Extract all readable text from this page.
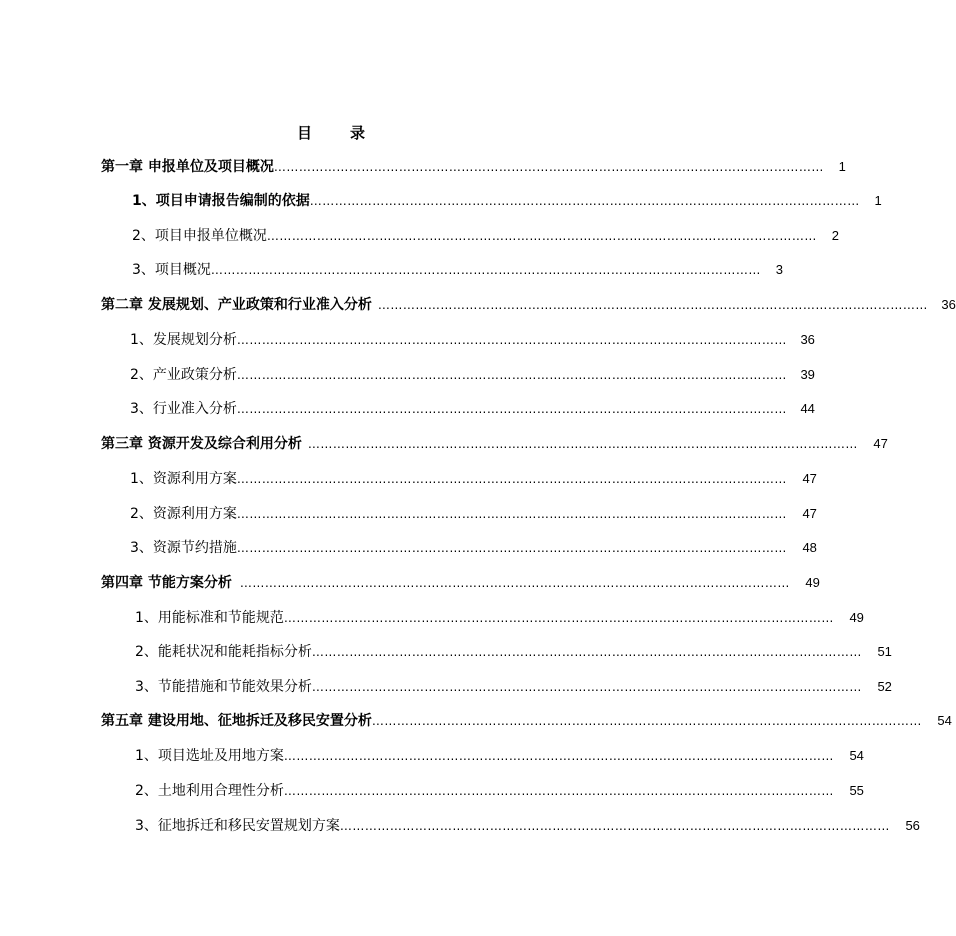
目	录
第一章 申报单位及项目概况 ……………………………………………………………………………………………………………………	1
1、项目申请报告编制的依据 ……………………………………………………………………………………………………………………	1
2、项目申报单位概况 ……………………………………………………………………………………………………………………	2
3、项目概况 ……………………………………………………………………………………………………………………	3
第二章 发展规划、产业政策和行业准入分析 ……………………………………………………………………………………………………………………	36
1、发展规划分析 ……………………………………………………………………………………………………………………	36
2、产业政策分析 ……………………………………………………………………………………………………………………	39
3、行业准入分析 ……………………………………………………………………………………………………………………	44
第三章 资源开发及综合利用分析 ……………………………………………………………………………………………………………………	47
1、资源利用方案 ……………………………………………………………………………………………………………………	47
2、资源利用方案 ……………………………………………………………………………………………………………………	47
3、资源节约措施 ……………………………………………………………………………………………………………………	48
第四章 节能方案分析 ……………………………………………………………………………………………………………………	49
1、用能标准和节能规范 ……………………………………………………………………………………………………………………	49
2、能耗状况和能耗指标分析 ……………………………………………………………………………………………………………………	51
3、节能措施和节能效果分析 ……………………………………………………………………………………………………………………	52
第五章 建设用地、征地拆迁及移民安置分析 ……………………………………………………………………………………………………………………	54
1、项目选址及用地方案 ……………………………………………………………………………………………………………………	54
2、土地利用合理性分析 ……………………………………………………………………………………………………………………	55
3、征地拆迁和移民安置规划方案 ……………………………………………………………………………………………………………………	56
